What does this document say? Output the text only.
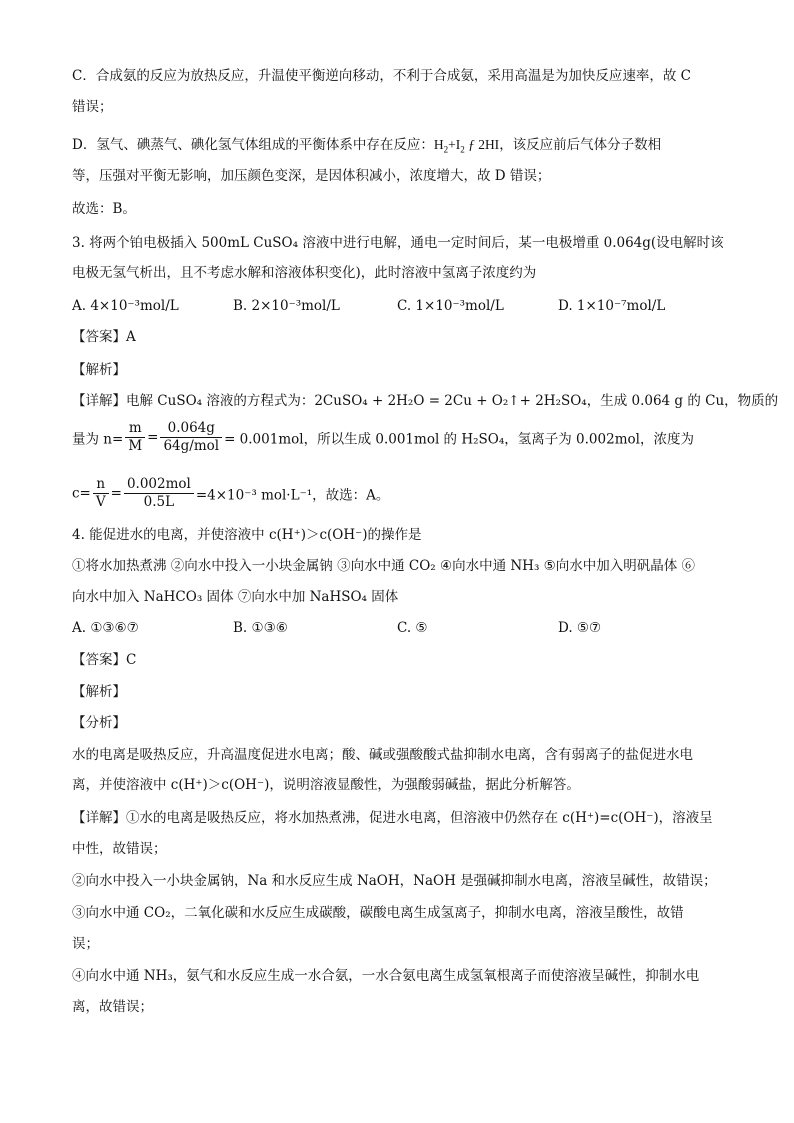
C．合成氨的反应为放热反应，升温使平衡逆向移动，不利于合成氨，采用高温是为加快反应速率，故 C
错误；
D．氢气、碘蒸气、碘化氢气体组成的平衡体系中存在反应：$H_2+I_2$ ƒ 2HI，该反应前后气体分子数相
等，压强对平衡无影响，加压颜色变深，是因体积减小，浓度增大，故 D 错误；
故选：B。
3. 将两个铂电极插入 500mL CuSO₄ 溶液中进行电解，通电一定时间后，某一电极增重 0.064g(设电解时该
电极无氢气析出，且不考虑水解和溶液体积变化)，此时溶液中氢离子浓度约为
A. 4×10⁻³mol/L	B. 2×10⁻³mol/L	C. 1×10⁻³mol/L	D. 1×10⁻⁷mol/L
【答案】A
【解析】
【详解】电解 CuSO₄ 溶液的方程式为：2CuSO₄ + 2H₂O = 2Cu + O₂↑+ 2H₂SO₄，生成 0.064 g 的 Cu，物质的
量为 $n= \frac{m}{M} = \frac{0.064g}{\text{64g/mol}} = 0.001mol$，所以生成 0.001mol 的 H₂SO₄，氢离子为 0.002mol，浓度为
$c= \frac{n}{V} = \frac{\text{0.002mol}}{0.5L} =4\times 10^{-3}$ mol·L⁻¹，故选：A。
4. 能促进水的电离，并使溶液中 c(H⁺)＞c(OH⁻)的操作是
①将水加热煮沸 ②向水中投入一小块金属钠 ③向水中通 CO₂ ④向水中通 NH₃ ⑤向水中加入明矾晶体 ⑥
向水中加入 NaHCO₃ 固体 ⑦向水中加 NaHSO₄ 固体
A. ①③⑥⑦	B. ①③⑥	C. ⑤	D. ⑤⑦
【答案】C
【解析】
【分析】
水的电离是吸热反应，升高温度促进水电离；酸、碱或强酸酸式盐抑制水电离，含有弱离子的盐促进水电
离，并使溶液中 c(H⁺)＞c(OH⁻)，说明溶液显酸性，为强酸弱碱盐，据此分析解答。
【详解】①水的电离是吸热反应，将水加热煮沸，促进水电离，但溶液中仍然存在 c(H⁺)=c(OH⁻)，溶液呈
中性，故错误；
②向水中投入一小块金属钠，Na 和水反应生成 NaOH，NaOH 是强碱抑制水电离，溶液呈碱性，故错误；
③向水中通 CO₂，二氧化碳和水反应生成碳酸，碳酸电离生成氢离子，抑制水电离，溶液呈酸性，故错
误；
④向水中通 NH₃，氨气和水反应生成一水合氨，一水合氨电离生成氢氧根离子而使溶液呈碱性，抑制水电
离，故错误；
